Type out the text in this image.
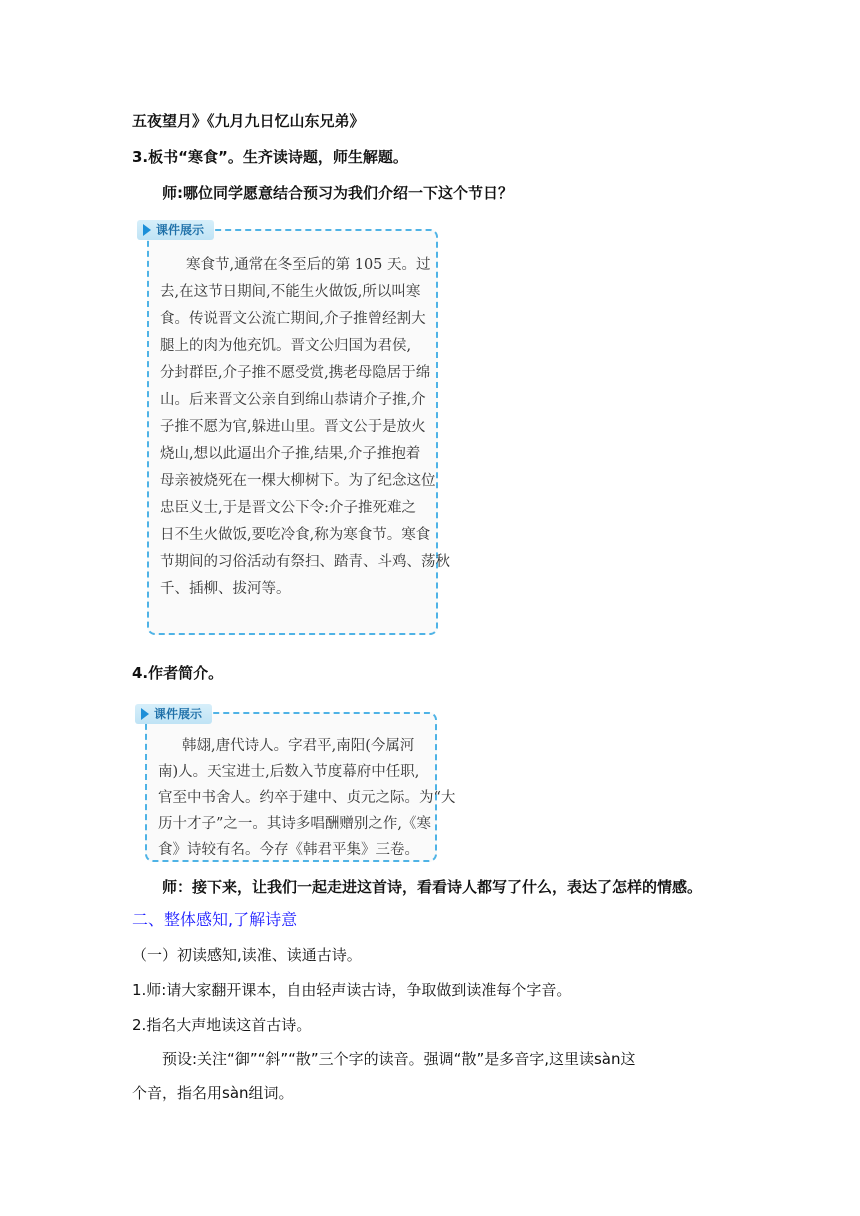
五夜望月》《九月九日忆山东兄弟》
3.板书“寒食”。生齐读诗题，师生解题。
师:哪位同学愿意结合预习为我们介绍一下这个节日？
课件展示
寒食节,通常在冬至后的第 105 天。过
去,在这节日期间,不能生火做饭,所以叫寒
食。传说晋文公流亡期间,介子推曾经割大
腿上的肉为他充饥。晋文公归国为君侯,
分封群臣,介子推不愿受赏,携老母隐居于绵
山。后来晋文公亲自到绵山恭请介子推,介
子推不愿为官,躲进山里。晋文公于是放火
烧山,想以此逼出介子推,结果,介子推抱着
母亲被烧死在一棵大柳树下。为了纪念这位
忠臣义士,于是晋文公下令:介子推死难之
日不生火做饭,要吃冷食,称为寒食节。寒食
节期间的习俗活动有祭扫、踏青、斗鸡、荡秋
千、插柳、拔河等。
4.作者简介。
课件展示
韩翃,唐代诗人。字君平,南阳(今属河
南)人。天宝进士,后数入节度幕府中任职,
官至中书舍人。约卒于建中、贞元之际。为“大
历十才子”之一。其诗多唱酬赠别之作,《寒
食》诗较有名。今存《韩君平集》三卷。
师：接下来，让我们一起走进这首诗，看看诗人都写了什么，表达了怎样的情感。
二、整体感知,了解诗意
（一）初读感知,读准、读通古诗。
1.师:请大家翻开课本，自由轻声读古诗，争取做到读准每个字音。
2.指名大声地读这首古诗。
预设:关注“御”“斜”“散”三个字的读音。强调“散”是多音字,这里读sàn这
个音，指名用sàn组词。
